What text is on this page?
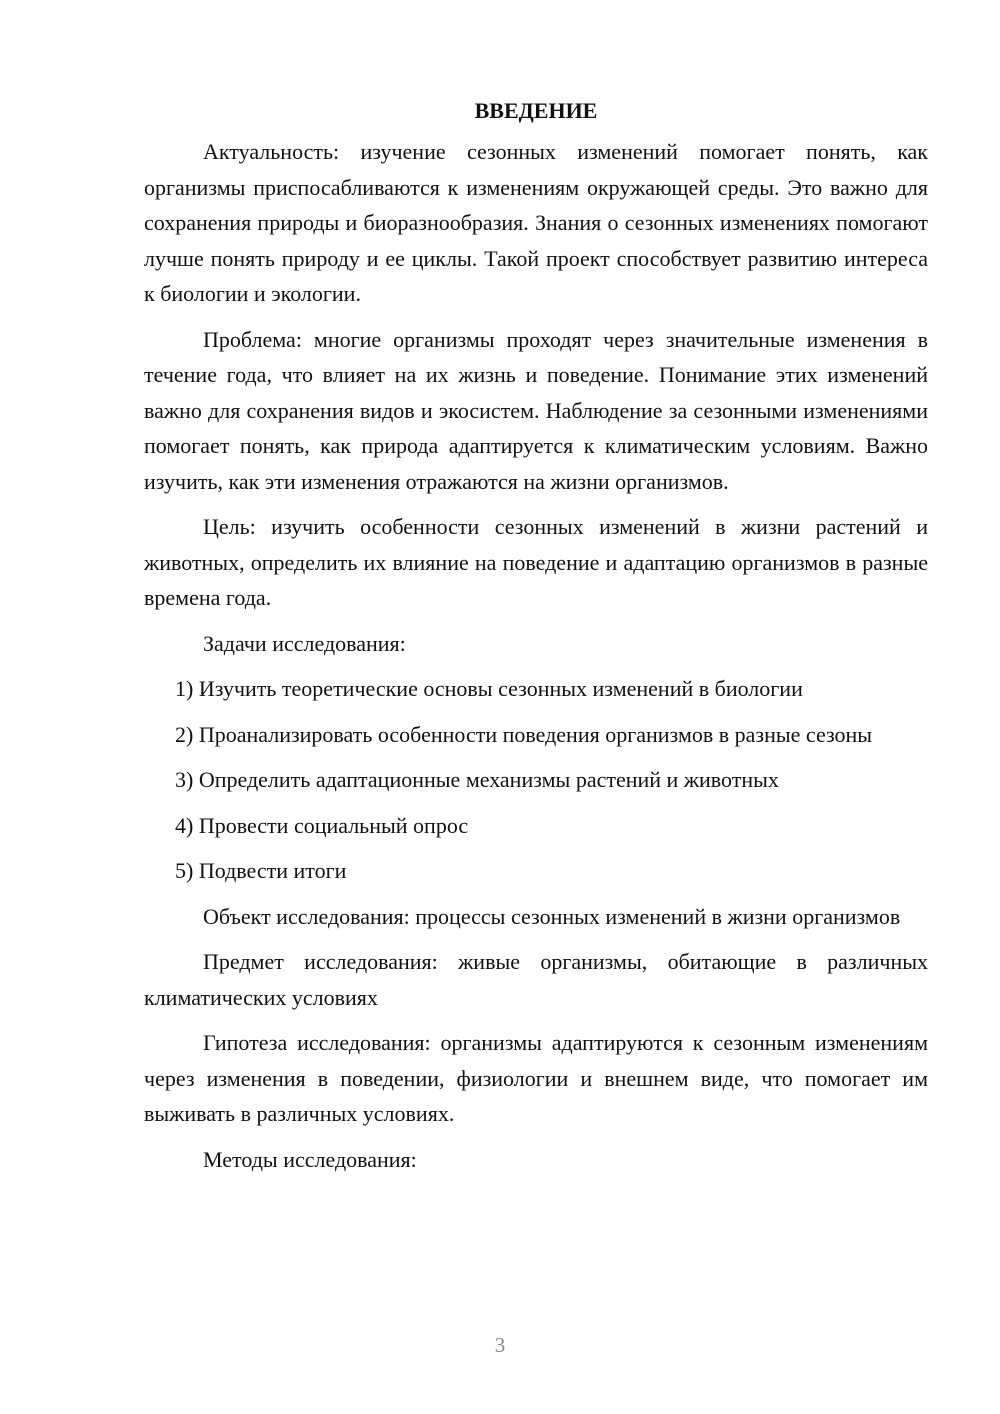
ВВЕДЕНИЕ

Актуальность: изучение сезонных изменений помогает понять, как организмы приспосабливаются к изменениям окружающей среды. Это важно для сохранения природы и биоразнообразия. Знания о сезонных изменениях помогают лучше понять природу и ее циклы. Такой проект способствует развитию интереса к биологии и экологии.

Проблема: многие организмы проходят через значительные изменения в течение года, что влияет на их жизнь и поведение. Понимание этих изменений важно для сохранения видов и экосистем. Наблюдение за сезонными изменениями помогает понять, как природа адаптируется к климатическим условиям. Важно изучить, как эти изменения отражаются на жизни организмов.

Цель: изучить особенности сезонных изменений в жизни растений и животных, определить их влияние на поведение и адаптацию организмов в разные времена года.

Задачи исследования:

1) Изучить теоретические основы сезонных изменений в биологии

2) Проанализировать особенности поведения организмов в разные сезоны

3) Определить адаптационные механизмы растений и животных

4) Провести социальный опрос

5) Подвести итоги

Объект исследования: процессы сезонных изменений в жизни организмов

Предмет исследования: живые организмы, обитающие в различных климатических условиях

Гипотеза исследования: организмы адаптируются к сезонным изменениям через изменения в поведении, физиологии и внешнем виде, что помогает им выживать в различных условиях.

Методы исследования:

3
